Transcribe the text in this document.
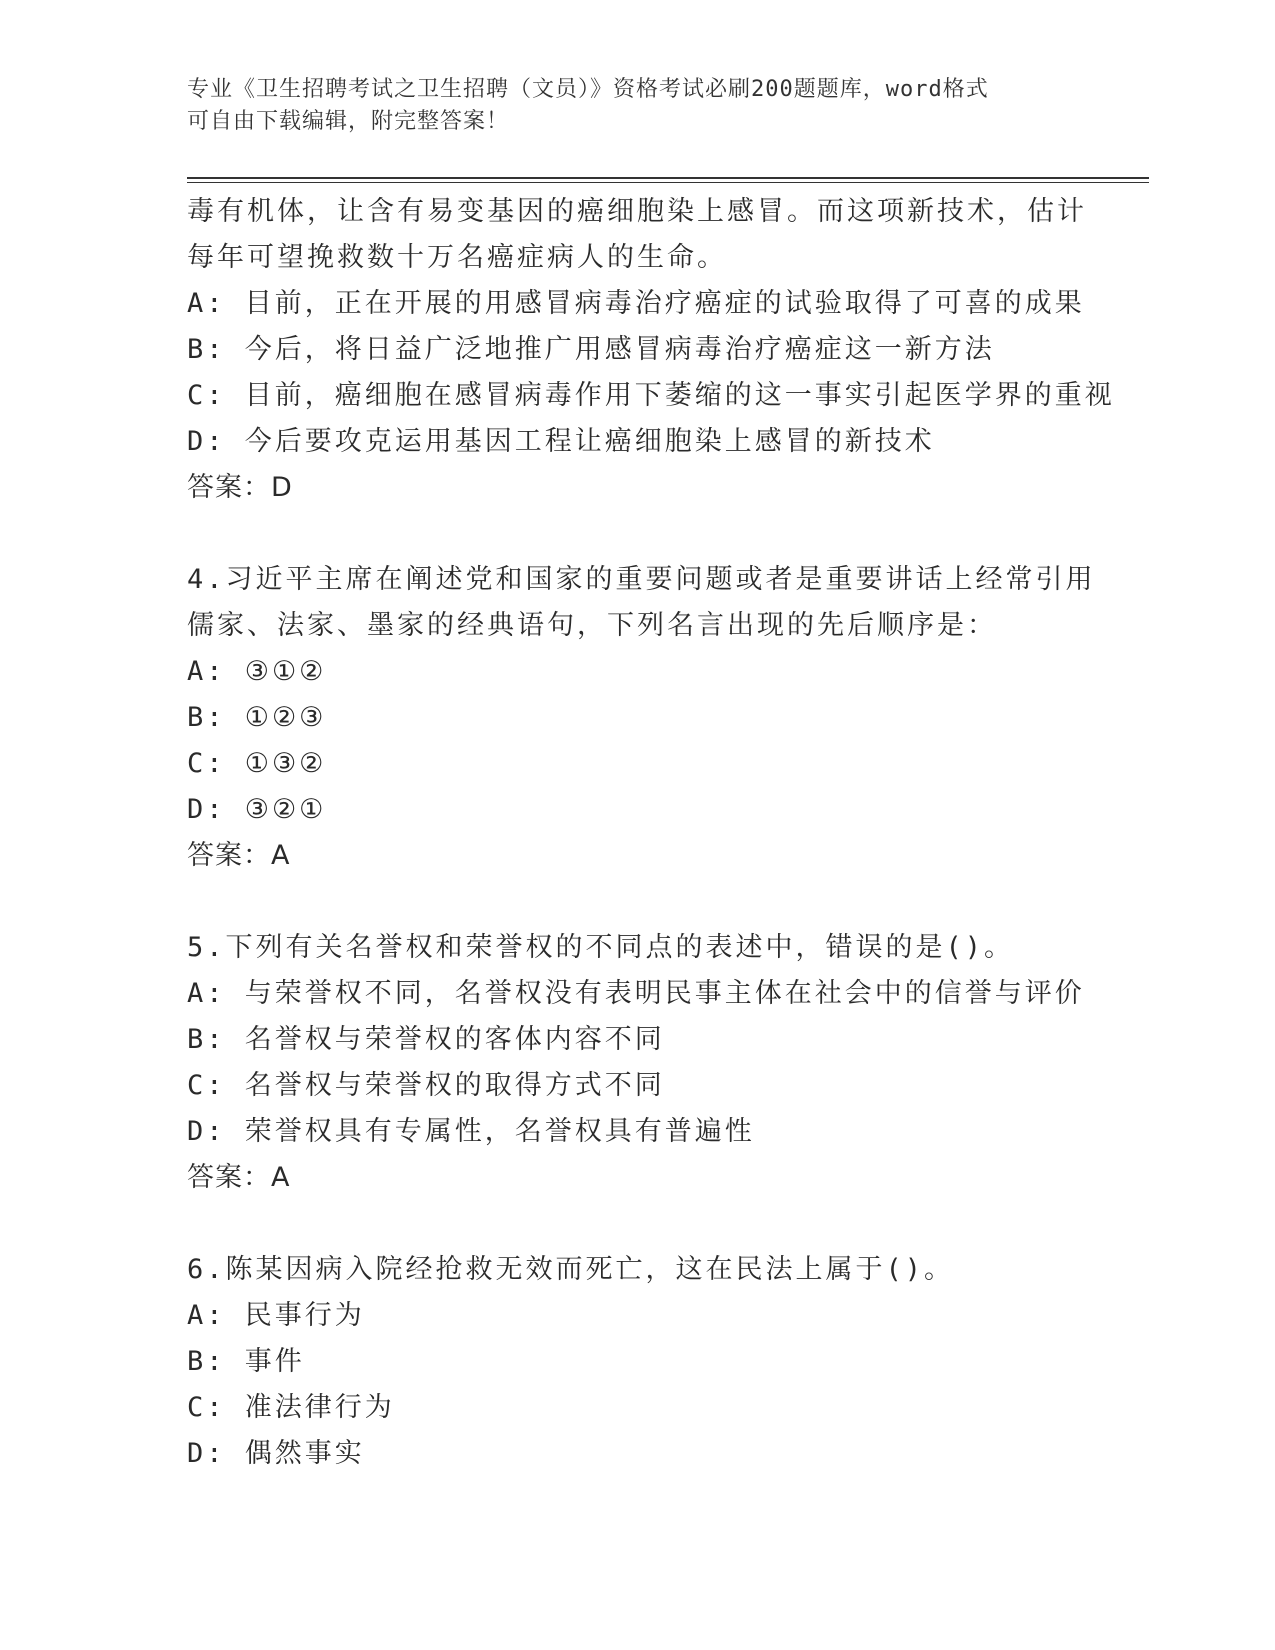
专业《卫生招聘考试之卫生招聘（文员）》资格考试必刷200题题库，word格式
可自由下载编辑，附完整答案！
毒有机体，让含有易变基因的癌细胞染上感冒。而这项新技术，估计
每年可望挽救数十万名癌症病人的生命。
A: 目前，正在开展的用感冒病毒治疗癌症的试验取得了可喜的成果
B: 今后，将日益广泛地推广用感冒病毒治疗癌症这一新方法
C: 目前，癌细胞在感冒病毒作用下萎缩的这一事实引起医学界的重视
D: 今后要攻克运用基因工程让癌细胞染上感冒的新技术
答案：D
4.习近平主席在阐述党和国家的重要问题或者是重要讲话上经常引用
儒家、法家、墨家的经典语句，下列名言出现的先后顺序是：
A: ③①②
B: ①②③
C: ①③②
D: ③②①
答案：A
5.下列有关名誉权和荣誉权的不同点的表述中，错误的是()。
A: 与荣誉权不同，名誉权没有表明民事主体在社会中的信誉与评价
B: 名誉权与荣誉权的客体内容不同
C: 名誉权与荣誉权的取得方式不同
D: 荣誉权具有专属性，名誉权具有普遍性
答案：A
6.陈某因病入院经抢救无效而死亡，这在民法上属于()。
A: 民事行为
B: 事件
C: 准法律行为
D: 偶然事实
